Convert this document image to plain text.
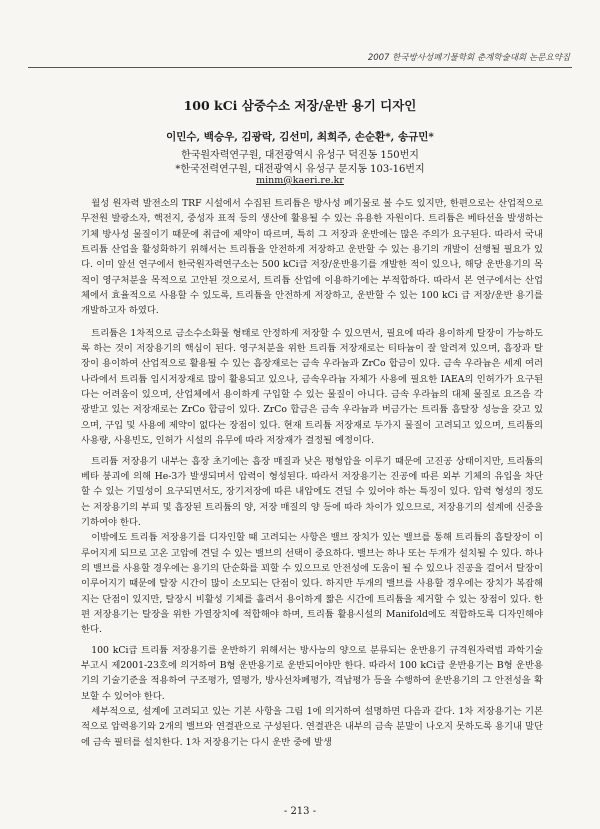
2007 한국방사성폐기물학회 춘계학술대회 논문요약집
100 kCi 삼중수소 저장/운반 용기 디자인
이민수, 백승우, 김광락, 김선미, 최희주, 손순환*, 송규민*
한국원자력연구원, 대전광역시 유성구 덕진동 150번지
*한국전력연구원, 대전광역시 유성구 문지동 103-16번지
minm@kaeri.re.kr

월성 원자력 발전소의 TRF 시설에서 수집된 트리튬은 방사성 폐기물로 볼 수도 있지만, 한편으로는 산업적으로 무전원 발광소자, 핵전지, 중성자 표적 등의 생산에 활용될 수 있는 유용한 자원이다. 트리튬은 베타선을 발생하는 기체 방사성 물질이기 때문에 취급에 제약이 따르며, 특히 그 저장과 운반에는 많은 주의가 요구된다. 따라서 국내 트리튬 산업을 활성화하기 위해서는 트리튬을 안전하게 저장하고 운반할 수 있는 용기의 개발이 선행될 필요가 있다. 이미 앞선 연구에서 한국원자력연구소는 500 kCi급 저장/운반용기를 개발한 적이 있으나, 해당 운반용기의 목적이 영구처분을 목적으로 고안된 것으로서, 트리튬 산업에 이용하기에는 부적합하다. 따라서 본 연구에서는 산업체에서 효율적으로 사용할 수 있도록, 트리튬을 안전하게 저장하고, 운반할 수 있는 100 kCi 급 저장/운반 용기를 개발하고자 하였다.

트리튬은 1차적으로 금소수소화물 형태로 안정하게 저장할 수 있으면서, 필요에 따라 용이하게 탈장이 가능하도록 하는 것이 저장용기의 핵심이 된다. 영구처분을 위한 트리튬 저장재로는 티타늄이 잘 알려져 있으며, 흡장과 탈장이 용이하여 산업적으로 활용될 수 있는 흡장재로는 금속 우라늄과 ZrCo 합금이 있다. 금속 우라늄은 세계 여러 나라에서 트리튬 임시저장재로 많이 활용되고 있으나, 금속우라늄 자체가 사용에 필요한 IAEA의 인허가가 요구된다는 어려움이 있으며, 산업체에서 용이하게 구입할 수 있는 물질이 아니다. 금속 우라늄의 대체 물질로 요즈음 각광받고 있는 저장재로는 ZrCo 합금이 있다. ZrCo 합금은 금속 우라늄과 버금가는 트리튬 흡탈장 성능을 갖고 있으며, 구입 및 사용에 제약이 없다는 장점이 있다. 현재 트리튬 저장재로 두가지 물질이 고려되고 있으며, 트리튬의 사용량, 사용빈도, 인허가 시설의 유무에 따라 저장재가 결정될 예정이다.

트리튬 저장용기 내부는 흡장 초기에는 흡장 매질과 낮은 평형압을 이루기 때문에 고진공 상태이지만, 트리튬의 베타 붕괴에 의해 He-3가 발생되며서 압력이 형성된다. 따라서 저장용기는 진공에 따른 외부 기체의 유입을 차단할 수 있는 기밀성이 요구되면서도, 장기저장에 따른 내압에도 견딜 수 있어야 하는 특징이 있다. 압력 형성의 정도는 저장용기의 부피 및 흡장된 트리튬의 양, 저장 매질의 양 등에 따라 차이가 있으므로, 저장용기의 설계에 신중을 기하여야 한다.

이밖에도 트리튬 저장용기를 디자인할 때 고려되는 사항은 밸브 장치가 있는 밸브를 통해 트리튬의 흡탈장이 이루어지게 되므로 고온 고압에 견딜 수 있는 밸브의 선택이 중요하다. 밸브는 하나 또는 두개가 설치될 수 있다. 하나의 밸브를 사용할 경우에는 용기의 단순화를 꾀할 수 있으므로 안전성에 도움이 될 수 있으나 진공을 걸어서 탈장이 이루어지기 때문에 탈장 시간이 많이 소모되는 단점이 있다. 하지만 두개의 밸브를 사용할 경우에는 장치가 복잡해지는 단점이 있지만, 탈장시 비활성 기체를 흘려서 용이하게 짧은 시간에 트리튬을 제거할 수 있는 장점이 있다. 한편 저장용기는 탈장을 위한 가열장치에 적합해야 하며, 트리튬 활용시설의 Manifold에도 적합하도록 디자인해야 한다.

100 kCi급 트리튬 저장용기를 운반하기 위해서는 방사능의 양으로 분류되는 운반용기 규격원자력법 과학기술부고시 제2001-23호에 의거하여 B형 운반용기로 운반되어야만 한다. 따라서 100 kCi급 운반용기는 B형 운반용기의 기술기준을 적용하여 구조평가, 열평가, 방사선차폐평가, 격납평가 등을 수행하여 운반용기의 그 안전성을 확보할 수 있어야 한다.

세부적으로, 설계에 고려되고 있는 기본 사항을 그림 1에 의거하여 설명하면 다음과 같다. 1차 저장용기는 기본적으로 압력용기와 2개의 밸브와 연결관으로 구성된다. 연결관은 내부의 금속 분말이 나오지 못하도록 용기내 말단에 금속 필터를 설치한다. 1차 저장용기는 다시 운반 중에 발생

- 213 -
